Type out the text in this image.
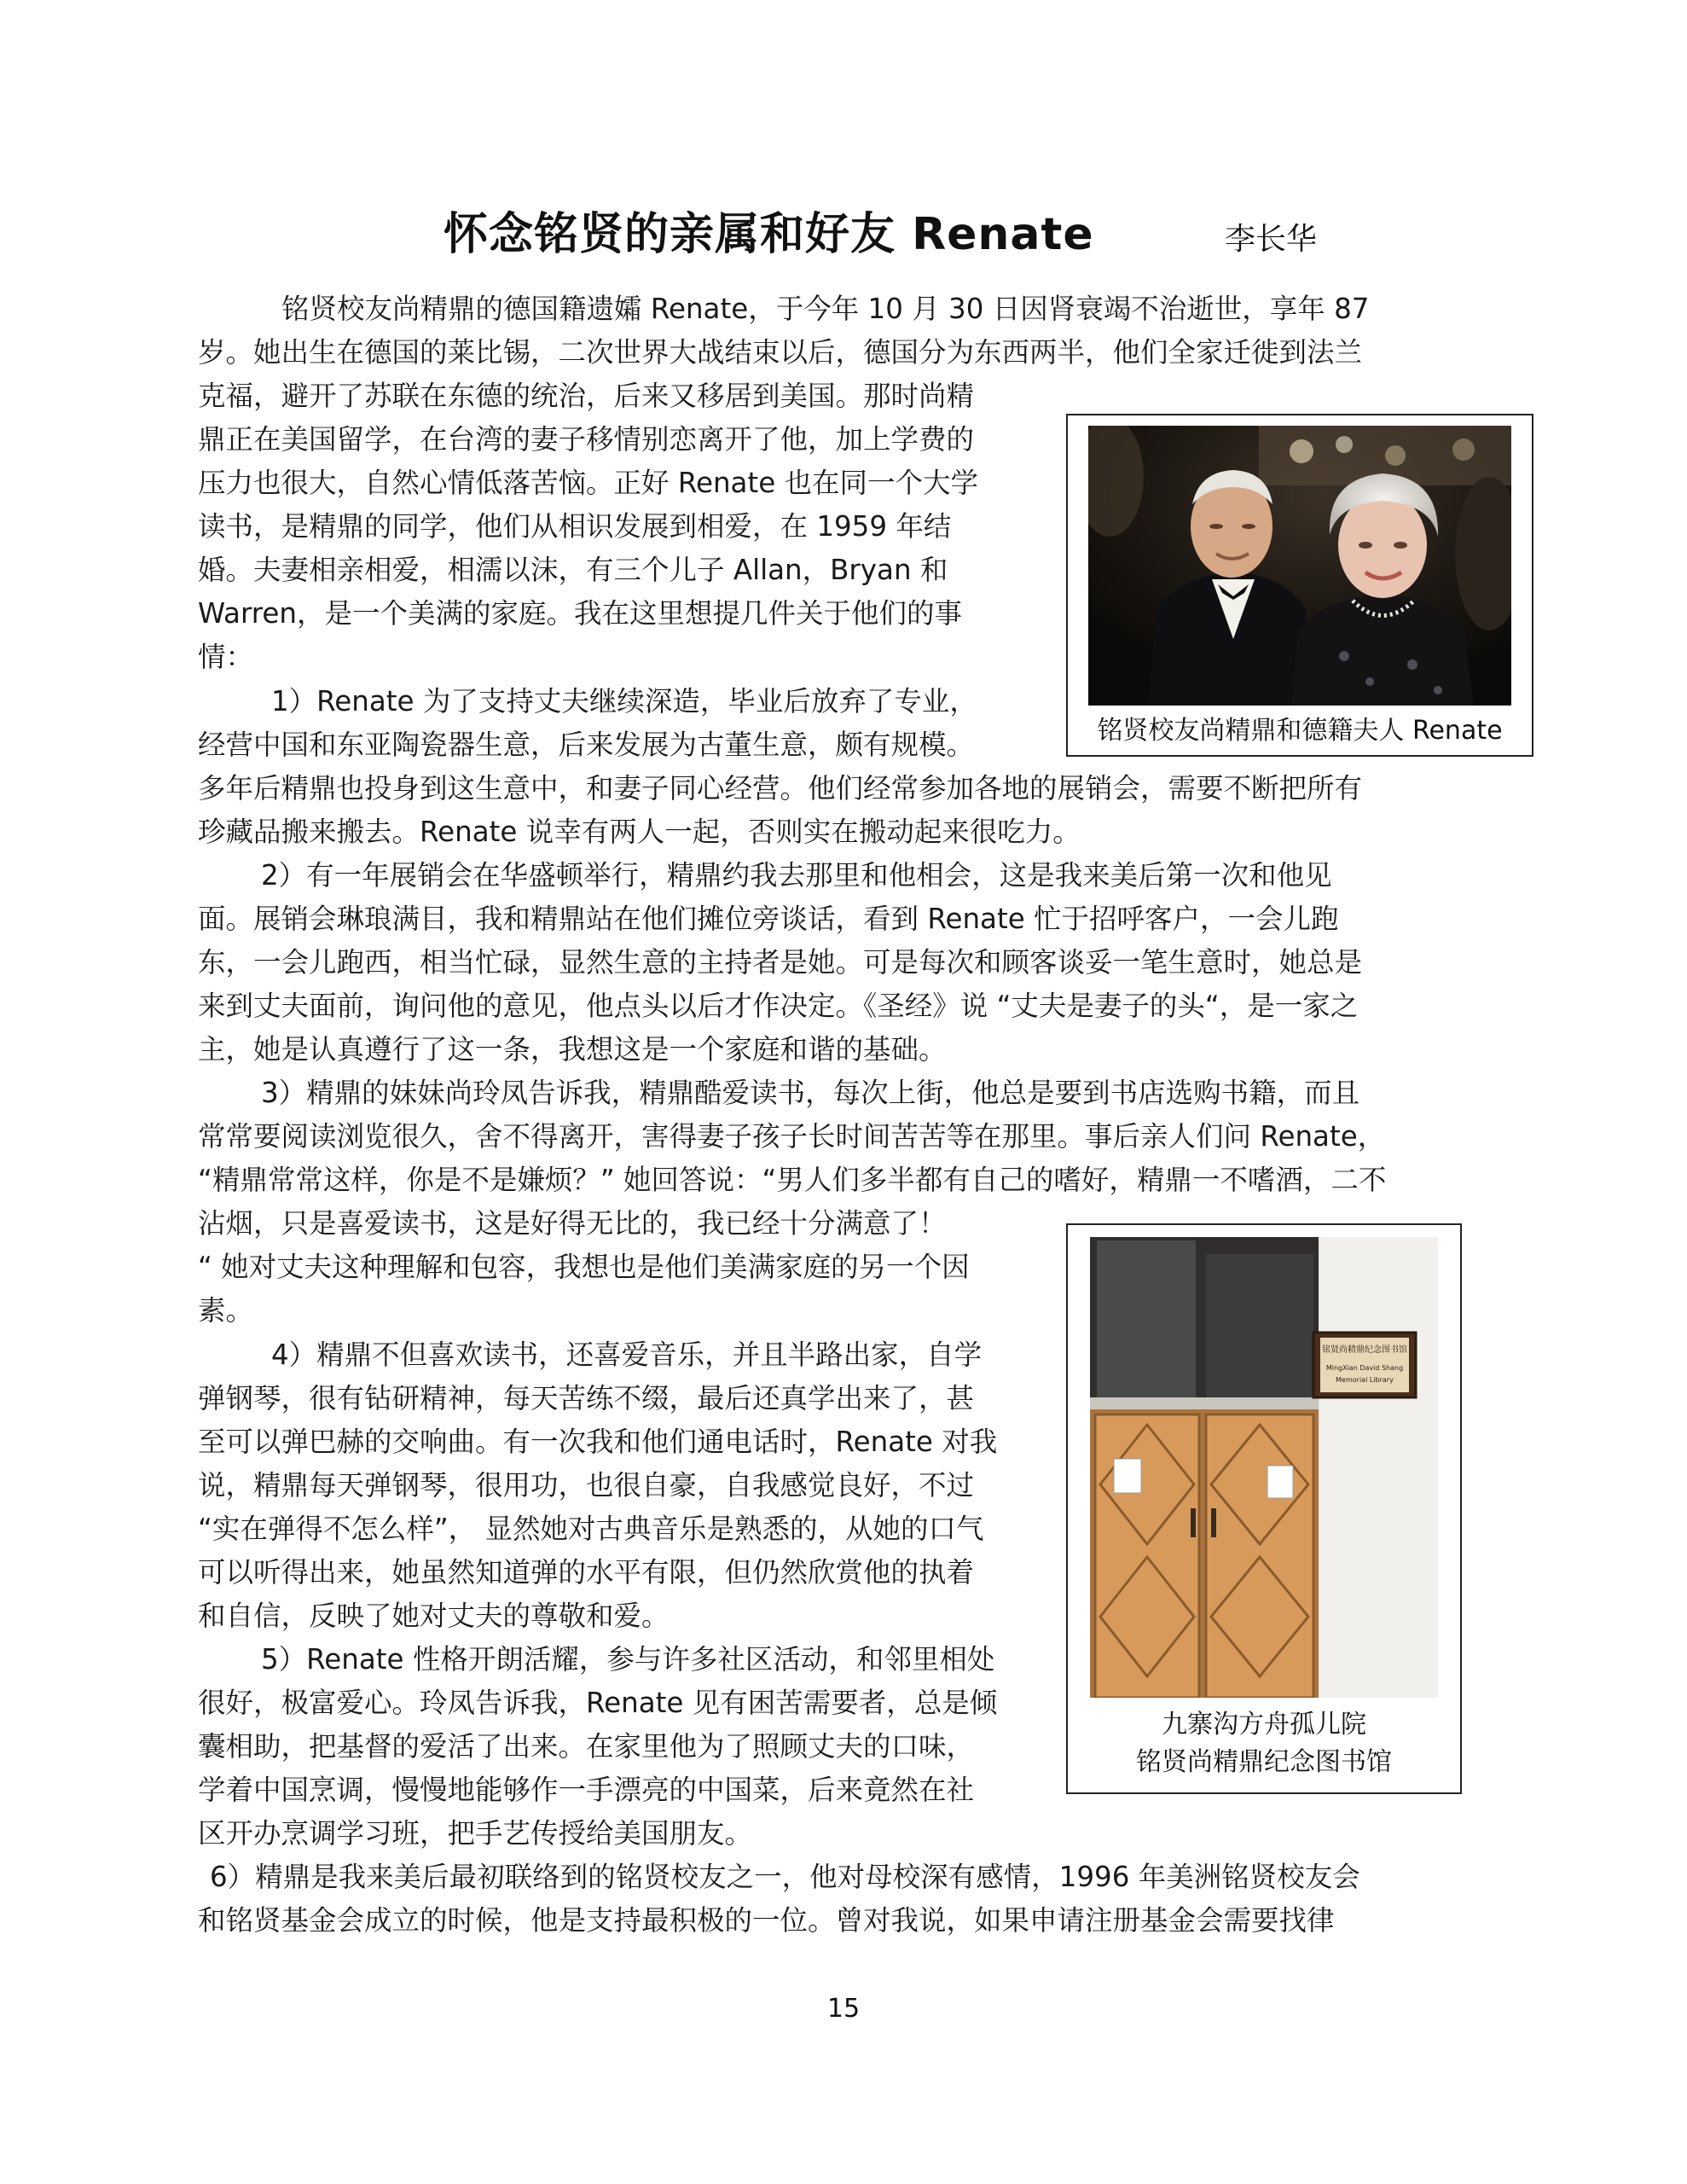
怀念铭贤的亲属和好友 Renate	李长华
铭贤校友尚精鼎的德国籍遗孀 Renate，于今年 10 月 30 日因肾衰竭不治逝世，享年 87
岁。她出生在德国的莱比锡，二次世界大战结束以后，德国分为东西两半，他们全家迁徙到法兰
克福，避开了苏联在东德的统治，后来又移居到美国。那时尚精
鼎正在美国留学，在台湾的妻子移情别恋离开了他，加上学费的
压力也很大，自然心情低落苦恼。正好 Renate 也在同一个大学
读书，是精鼎的同学，他们从相识发展到相爱，在 1959 年结
婚。夫妻相亲相爱，相濡以沫，有三个儿子 Allan，Bryan 和
Warren，是一个美满的家庭。我在这里想提几件关于他们的事
情：
1）Renate 为了支持丈夫继续深造，毕业后放弃了专业，
经营中国和东亚陶瓷器生意，后来发展为古董生意，颇有规模。
多年后精鼎也投身到这生意中，和妻子同心经营。他们经常参加各地的展销会，需要不断把所有
珍藏品搬来搬去。Renate 说幸有两人一起，否则实在搬动起来很吃力。
2）有一年展销会在华盛顿举行，精鼎约我去那里和他相会，这是我来美后第一次和他见
面。展销会琳琅满目，我和精鼎站在他们摊位旁谈话，看到 Renate 忙于招呼客户，一会儿跑
东，一会儿跑西，相当忙碌，显然生意的主持者是她。可是每次和顾客谈妥一笔生意时，她总是
来到丈夫面前，询问他的意见，他点头以后才作决定。《圣经》说 “丈夫是妻子的头“，是一家之
主，她是认真遵行了这一条，我想这是一个家庭和谐的基础。
3）精鼎的妹妹尚玲凤告诉我，精鼎酷爱读书，每次上街，他总是要到书店选购书籍，而且
常常要阅读浏览很久，舍不得离开，害得妻子孩子长时间苦苦等在那里。事后亲人们问 Renate，
“精鼎常常这样，你是不是嫌烦？” 她回答说：“男人们多半都有自己的嗜好，精鼎一不嗜酒，二不
沾烟，只是喜爱读书，这是好得无比的，我已经十分满意了！
“ 她对丈夫这种理解和包容，我想也是他们美满家庭的另一个因
素。
4）精鼎不但喜欢读书，还喜爱音乐，并且半路出家，自学
弹钢琴，很有钻研精神，每天苦练不缀，最后还真学出来了，甚
至可以弹巴赫的交响曲。有一次我和他们通电话时，Renate 对我
说，精鼎每天弹钢琴，很用功，也很自豪，自我感觉良好，不过
“实在弹得不怎么样”， 显然她对古典音乐是熟悉的，从她的口气
可以听得出来，她虽然知道弹的水平有限，但仍然欣赏他的执着
和自信，反映了她对丈夫的尊敬和爱。
5）Renate 性格开朗活耀，参与许多社区活动，和邻里相处
很好，极富爱心。玲凤告诉我，Renate 见有困苦需要者，总是倾
囊相助，把基督的爱活了出来。在家里他为了照顾丈夫的口味，
学着中国烹调，慢慢地能够作一手漂亮的中国菜，后来竟然在社
区开办烹调学习班，把手艺传授给美国朋友。
6）精鼎是我来美后最初联络到的铭贤校友之一，他对母校深有感情，1996 年美洲铭贤校友会
和铭贤基金会成立的时候，他是支持最积极的一位。曾对我说，如果申请注册基金会需要找律
铭贤校友尚精鼎和德籍夫人 Renate
铭贤尚精鼎纪念图书馆
MingXian David Shang
Memorial Library
九寨沟方舟孤儿院
铭贤尚精鼎纪念图书馆
15
